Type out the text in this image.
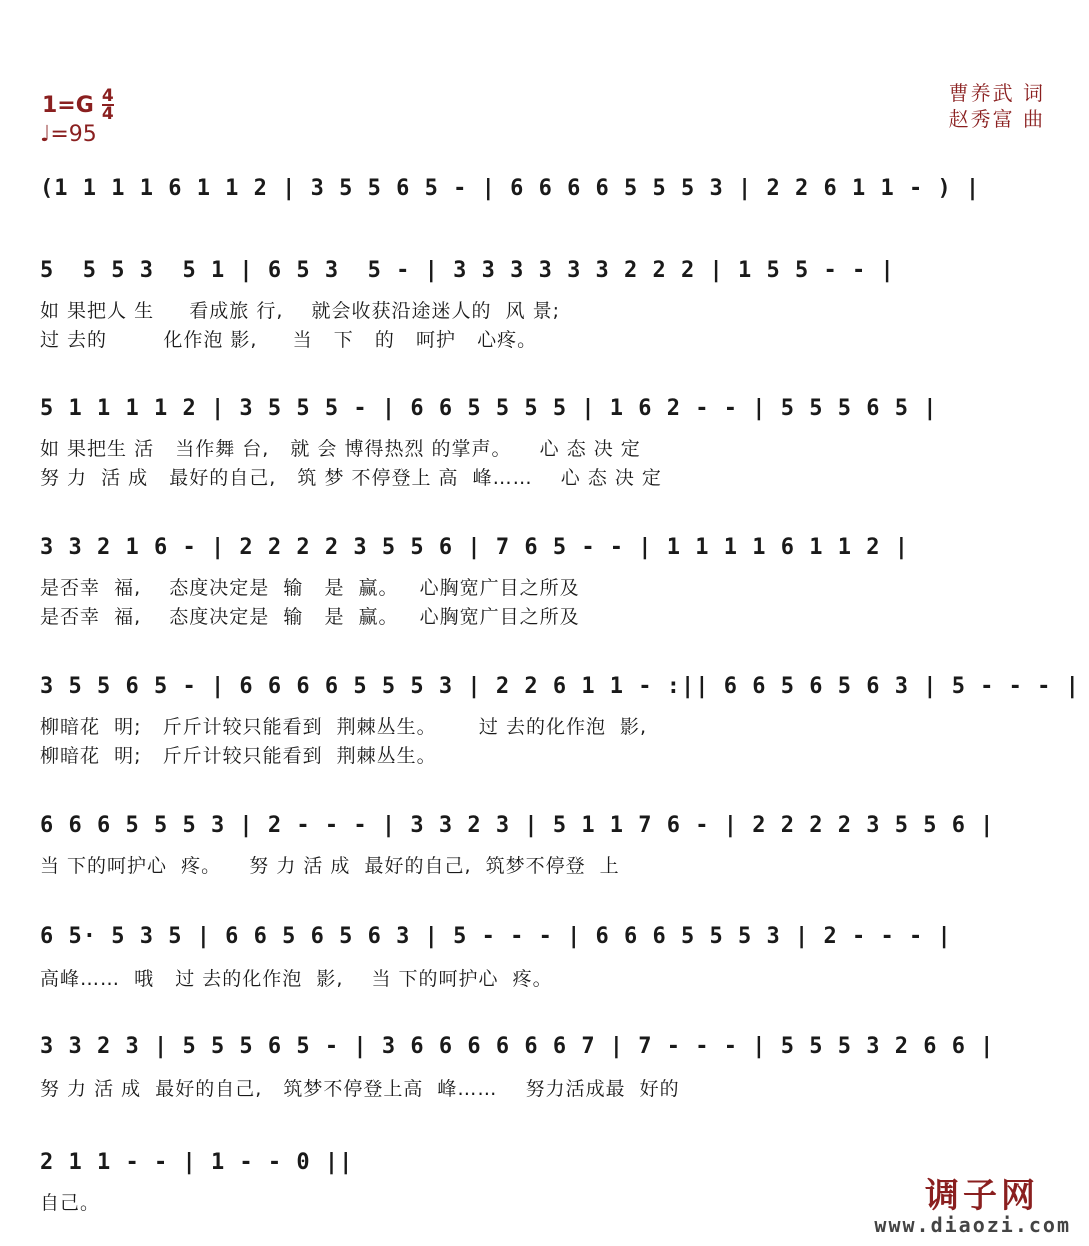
$1=G \frac{4}{4}$
♩=95
曹养武 词
赵秀富 曲
(1 1 1 1 6 1 1 2 | 3 5 5 6 5 - | 6 6 6 6 5 5 5 3 | 2 2 6 1 1 - ) |
5  5 5 3  5 1 | 6 5 3  5 - | 3 3 3 3 3 3 2 2 2 | 1 5 5 - - |
如 果把人 生     看成旅 行,    就会收获沿途迷人的  风 景;
过 去的        化作泡 影,     当   下   的   呵护   心疼。
5 1 1 1 1 2 | 3 5 5 5 - | 6 6 5 5 5 5 | 1 6 2 - - | 5 5 5 6 5 |
如 果把生 活   当作舞 台,   就 会 博得热烈 的掌声。    心 态 决 定
努 力  活 成   最好的自己,   筑 梦 不停登上 高  峰……    心 态 决 定
3 3 2 1 6 - | 2 2 2 2 3 5 5 6 | 7 6 5 - - | 1 1 1 1 6 1 1 2 |
是否幸  福,    态度决定是  输   是  赢。   心胸宽广目之所及
是否幸  福,    态度决定是  输   是  赢。   心胸宽广目之所及
3 5 5 6 5 - | 6 6 6 6 5 5 5 3 | 2 2 6 1 1 - :|| 6 6 5 6 5 6 3 | 5 - - - |
柳暗花  明;   斤斤计较只能看到  荆棘丛生。      过 去的化作泡  影,
柳暗花  明;   斤斤计较只能看到  荆棘丛生。
6 6 6 5 5 5 3 | 2 - - - | 3 3 2 3 | 5 1 1 7 6 - | 2 2 2 2 3 5 5 6 |
当 下的呵护心  疼。    努 力 活 成  最好的自己,  筑梦不停登  上
6 5· 5 3 5 | 6 6 5 6 5 6 3 | 5 - - - | 6 6 6 5 5 5 3 | 2 - - - |
高峰……  哦   过 去的化作泡  影,    当 下的呵护心  疼。
3 3 2 3 | 5 5 5 6 5 - | 3 6 6 6 6 6 6 7 | 7 - - - | 5 5 5 3 2 6 6 |
努 力 活 成  最好的自己,   筑梦不停登上高  峰……    努力活成最  好的
2 1 1 - - | 1 - - 0 ||
自己。	调子网
www.diaozi.com
